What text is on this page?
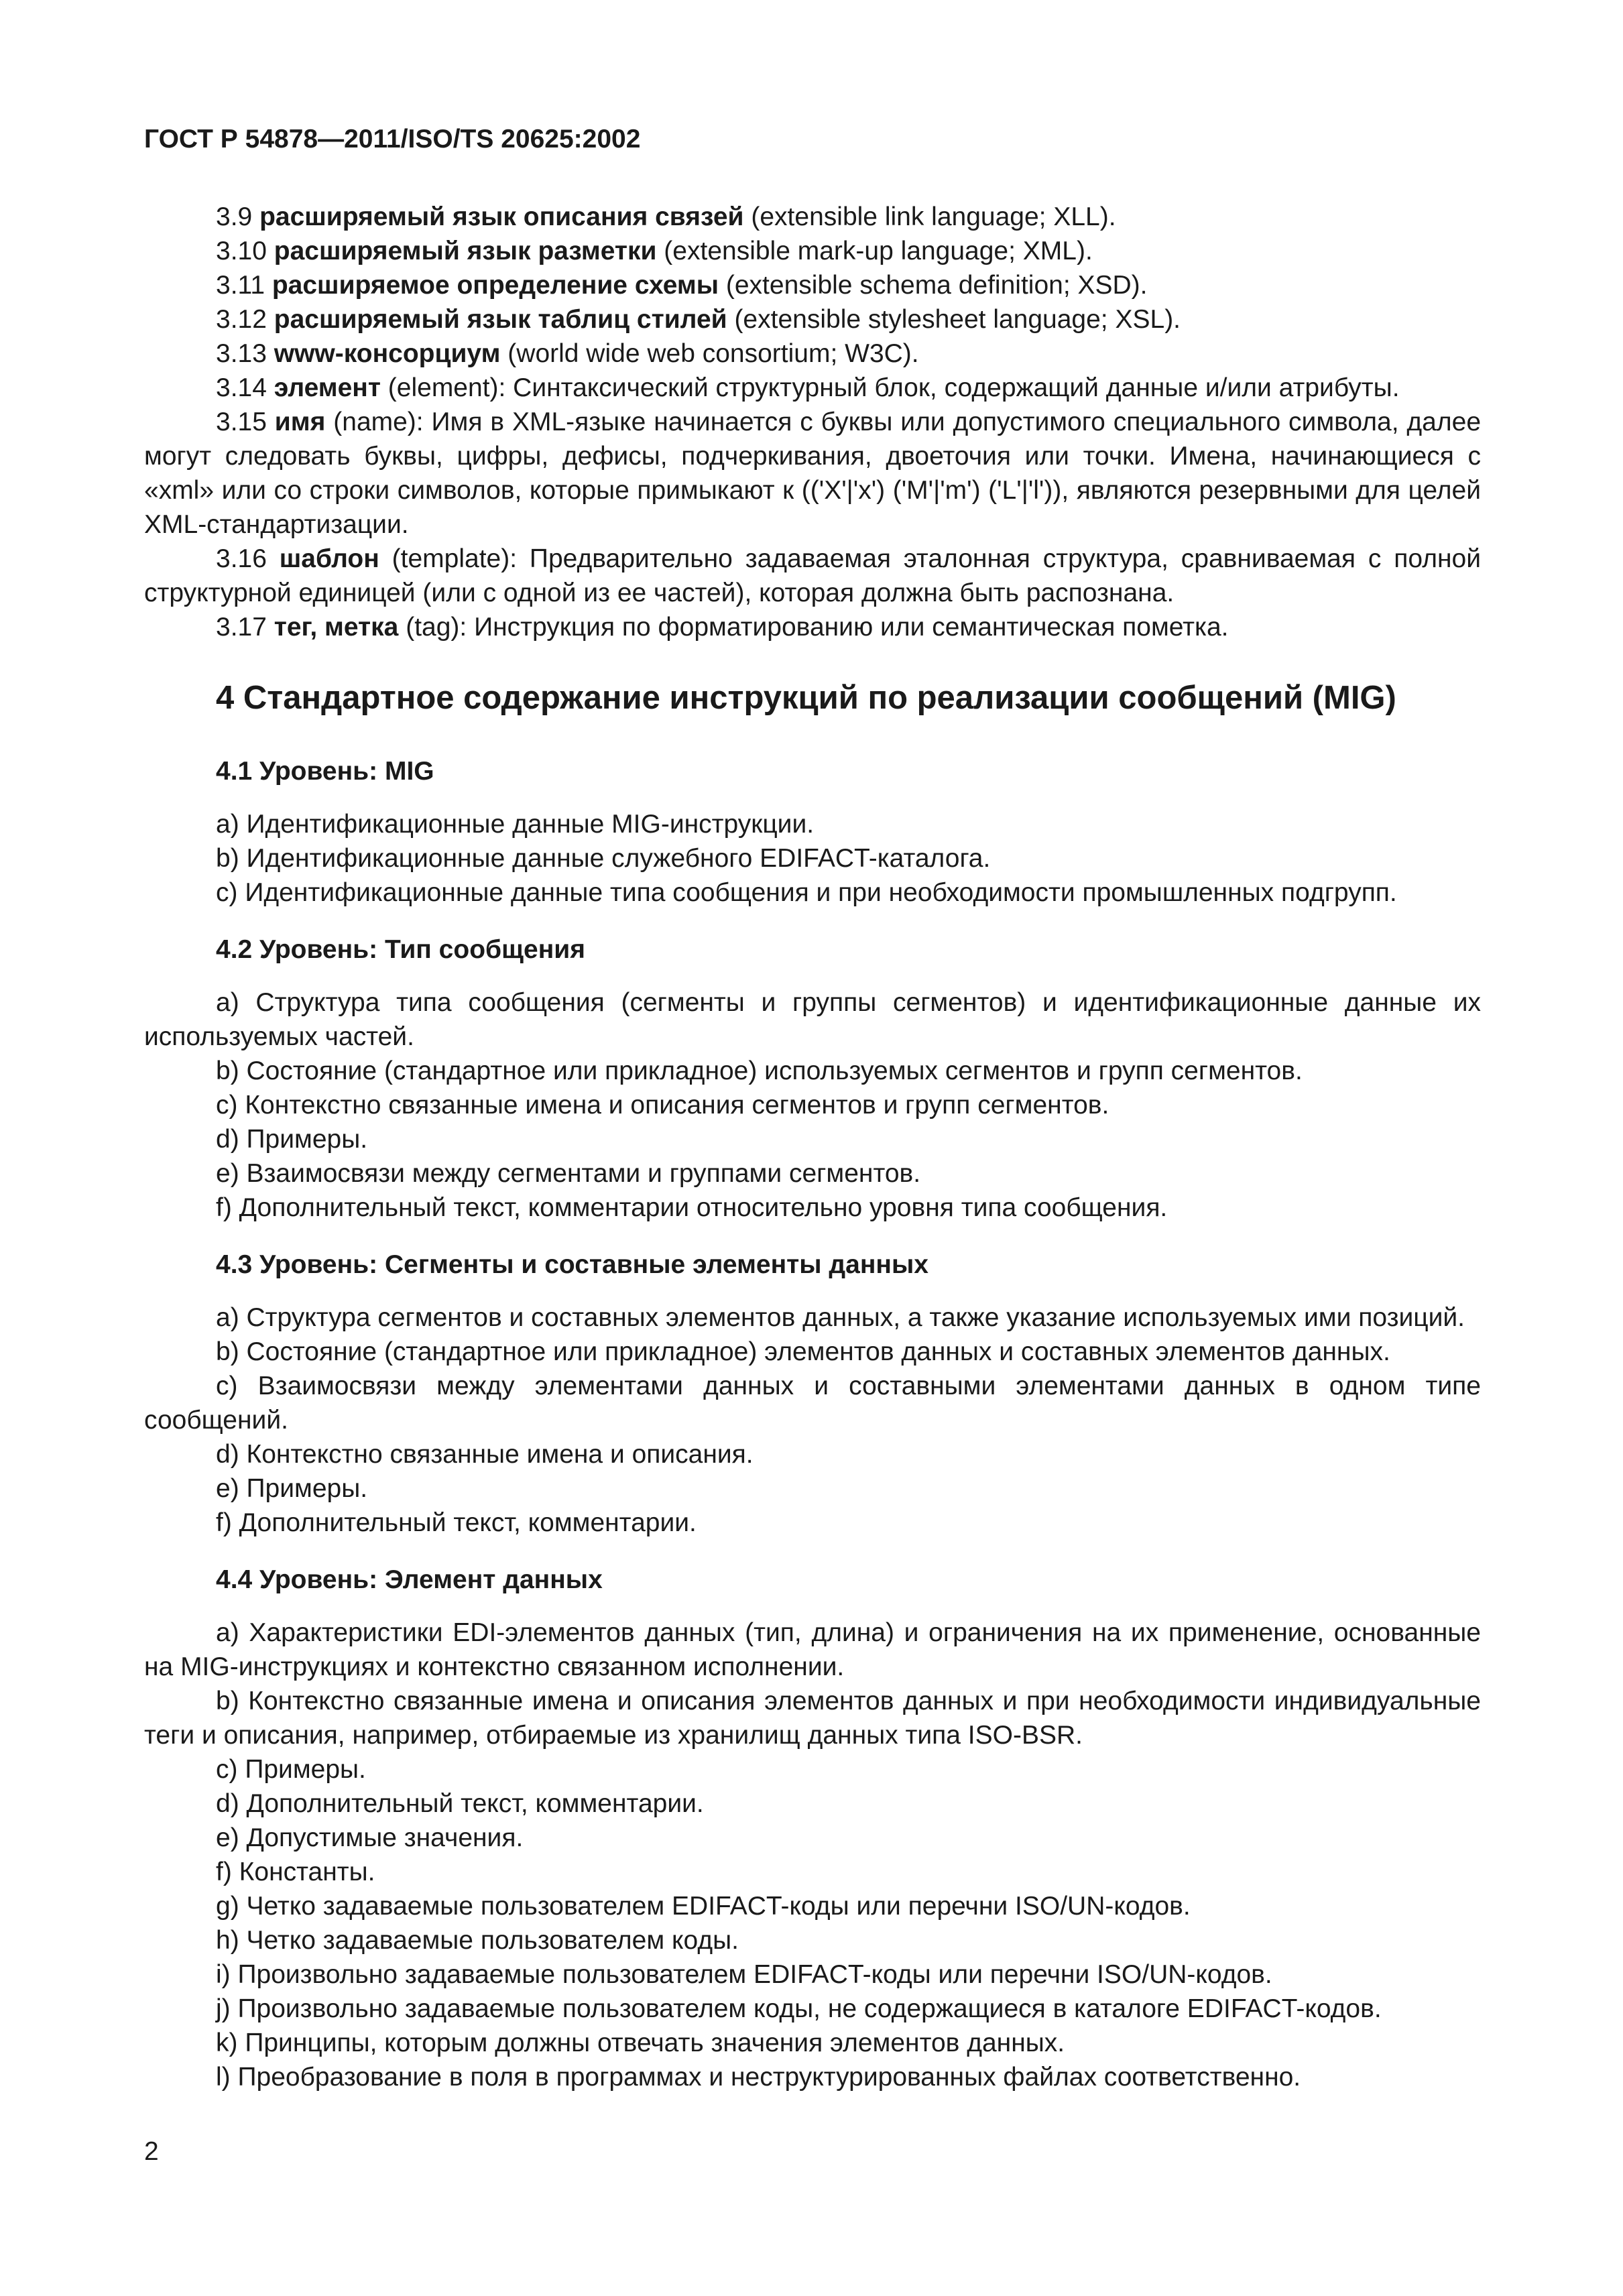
ГОСТ Р 54878—2011/ISO/TS 20625:2002

3.9 расширяемый язык описания связей (extensible link language; XLL).

3.10 расширяемый язык разметки (extensible mark-up language; XML).

3.11 расширяемое определение схемы (extensible schema definition; XSD).

3.12 расширяемый язык таблиц стилей (extensible stylesheet language; XSL).

3.13 www-консорциум (world wide web consortium; W3C).

3.14 элемент (element): Синтаксический структурный блок, содержащий данные и/или атрибуты.

3.15 имя (name): Имя в XML-языке начинается с буквы или допустимого специального символа, далее могут следовать буквы, цифры, дефисы, подчеркивания, двоеточия или точки. Имена, начинающиеся с «xml» или со строки символов, которые примыкают к (('X'|'x') ('M'|'m') ('L'|'l')), являются резервными для целей XML-стандартизации.

3.16 шаблон (template): Предварительно задаваемая эталонная структура, сравниваемая с полной структурной единицей (или с одной из ее частей), которая должна быть распознана.

3.17 тег, метка (tag): Инструкция по форматированию или семантическая пометка.

4 Стандартное содержание инструкций по реализации сообщений (MIG)
4.1 Уровень: MIG

a) Идентификационные данные MIG-инструкции.

b) Идентификационные данные служебного EDIFACT-каталога.

c) Идентификационные данные типа сообщения и при необходимости промышленных подгрупп.

4.2 Уровень: Тип сообщения

a) Структура типа сообщения (сегменты и группы сегментов) и идентификационные данные их используемых частей.

b) Состояние (стандартное или прикладное) используемых сегментов и групп сегментов.

c) Контекстно связанные имена и описания сегментов и групп сегментов.

d) Примеры.

e) Взаимосвязи между сегментами и группами сегментов.

f) Дополнительный текст, комментарии относительно уровня типа сообщения.

4.3 Уровень: Сегменты и составные элементы данных

a) Структура сегментов и составных элементов данных, а также указание используемых ими позиций.

b) Состояние (стандартное или прикладное) элементов данных и составных элементов данных.

c) Взаимосвязи между элементами данных и составными элементами данных в одном типе сообщений.

d) Контекстно связанные имена и описания.

e) Примеры.

f) Дополнительный текст, комментарии.

4.4 Уровень: Элемент данных

a) Характеристики EDI-элементов данных (тип, длина) и ограничения на их применение, основанные на MIG-инструкциях и контекстно связанном исполнении.

b) Контекстно связанные имена и описания элементов данных и при необходимости индивидуальные теги и описания, например, отбираемые из хранилищ данных типа ISO-BSR.

c) Примеры.

d) Дополнительный текст, комментарии.

e) Допустимые значения.

f) Константы.

g) Четко задаваемые пользователем EDIFACT-коды или перечни ISO/UN-кодов.

h) Четко задаваемые пользователем коды.

i) Произвольно задаваемые пользователем EDIFACT-коды или перечни ISO/UN-кодов.

j) Произвольно задаваемые пользователем коды, не содержащиеся в каталоге EDIFACT-кодов.

k) Принципы, которым должны отвечать значения элементов данных.

l) Преобразование в поля в программах и неструктурированных файлах соответственно.

2
